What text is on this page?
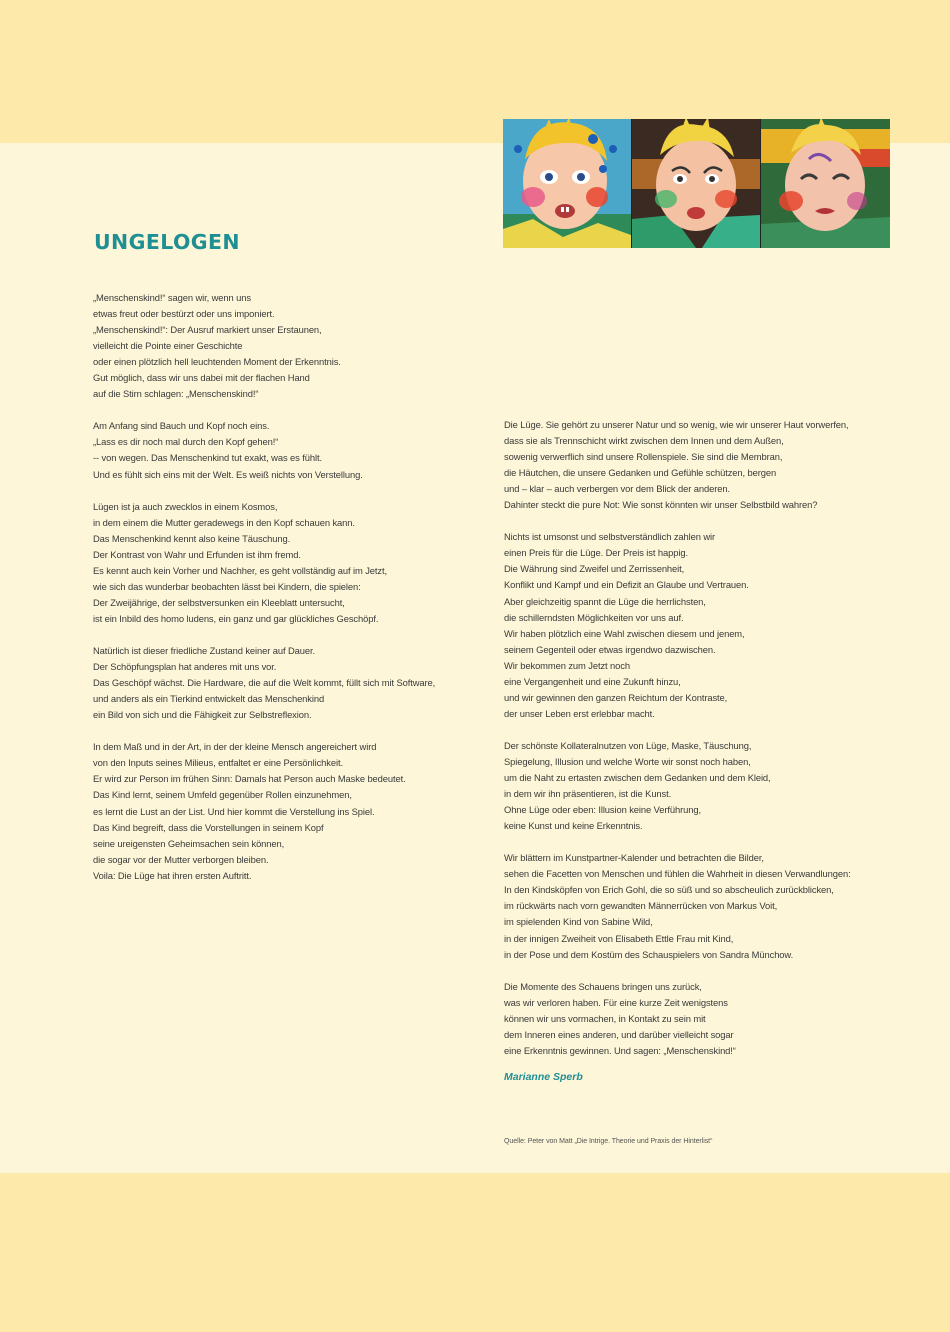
UNGELOGEN

„Menschenskind!“ sagen wir, wenn uns
etwas freut oder bestürzt oder uns imponiert.
„Menschenskind!“: Der Ausruf markiert unser Erstaunen,
vielleicht die Pointe einer Geschichte
oder einen plötzlich hell leuchtenden Moment der Erkenntnis.
Gut möglich, dass wir uns dabei mit der flachen Hand
auf die Stirn schlagen: „Menschenskind!“

Am Anfang sind Bauch und Kopf noch eins.
„Lass es dir noch mal durch den Kopf gehen!“
-- von wegen. Das Menschenkind tut exakt, was es fühlt.
Und es fühlt sich eins mit der Welt. Es weiß nichts von Verstellung.

Lügen ist ja auch zwecklos in einem Kosmos,
in dem einem die Mutter geradewegs in den Kopf schauen kann.
Das Menschenkind kennt also keine Täuschung.
Der Kontrast von Wahr und Erfunden ist ihm fremd.
Es kennt auch kein Vorher und Nachher, es geht vollständig auf im Jetzt,
wie sich das wunderbar beobachten lässt bei Kindern, die spielen:
Der Zweijährige, der selbstversunken ein Kleeblatt untersucht,
ist ein Inbild des homo ludens, ein ganz und gar glückliches Geschöpf.

Natürlich ist dieser friedliche Zustand keiner auf Dauer.
Der Schöpfungsplan hat anderes mit uns vor.
Das Geschöpf wächst. Die Hardware, die auf die Welt kommt, füllt sich mit Software,
und anders als ein Tierkind entwickelt das Menschenkind
ein Bild von sich und die Fähigkeit zur Selbstreflexion.

In dem Maß und in der Art, in der der kleine Mensch angereichert wird
von den Inputs seines Milieus, entfaltet er eine Persönlichkeit.
Er wird zur Person im frühen Sinn: Damals hat Person auch Maske bedeutet.
Das Kind lernt, seinem Umfeld gegenüber Rollen einzunehmen,
es lernt die Lust an der List. Und hier kommt die Verstellung ins Spiel.
Das Kind begreift, dass die Vorstellungen in seinem Kopf
seine ureigensten Geheimsachen sein können,
die sogar vor der Mutter verborgen bleiben.
Voila: Die Lüge hat ihren ersten Auftritt.

Die Lüge. Sie gehört zu unserer Natur und so wenig, wie wir unserer Haut vorwerfen,
dass sie als Trennschicht wirkt zwischen dem Innen und dem Außen,
sowenig verwerflich sind unsere Rollenspiele. Sie sind die Membran,
die Häutchen, die unsere Gedanken und Gefühle schützen, bergen
und – klar – auch verbergen vor dem Blick der anderen.
Dahinter steckt die pure Not: Wie sonst könnten wir unser Selbstbild wahren?

Nichts ist umsonst und selbstverständlich zahlen wir
einen Preis für die Lüge. Der Preis ist happig.
Die Währung sind Zweifel und Zerrissenheit,
Konflikt und Kampf und ein Defizit an Glaube und Vertrauen.
Aber gleichzeitig spannt die Lüge die herrlichsten,
die schillerndsten Möglichkeiten vor uns auf.
Wir haben plötzlich eine Wahl zwischen diesem und jenem,
seinem Gegenteil oder etwas irgendwo dazwischen.
Wir bekommen zum Jetzt noch
eine Vergangenheit und eine Zukunft hinzu,
und wir gewinnen den ganzen Reichtum der Kontraste,
der unser Leben erst erlebbar macht.

Der schönste Kollateralnutzen von Lüge, Maske, Täuschung,
Spiegelung, Illusion und welche Worte wir sonst noch haben,
um die Naht zu ertasten zwischen dem Gedanken und dem Kleid,
in dem wir ihn präsentieren, ist die Kunst.
Ohne Lüge oder eben: Illusion keine Verführung,
keine Kunst und keine Erkenntnis.

Wir blättern im Kunstpartner-Kalender und betrachten die Bilder,
sehen die Facetten von Menschen und fühlen die Wahrheit in diesen Verwandlungen:
In den Kindsköpfen von Erich Gohl, die so süß und so abscheulich zurückblicken,
im rückwärts nach vorn gewandten Männerrücken von Markus Voit,
im spielenden Kind von Sabine Wild,
in der innigen Zweiheit von Elisabeth Ettle Frau mit Kind,
in der Pose und dem Kostüm des Schauspielers von Sandra Münchow.

Die Momente des Schauens bringen uns zurück,
was wir verloren haben. Für eine kurze Zeit wenigstens
können wir uns vormachen, in Kontakt zu sein mit
dem Inneren eines anderen, und darüber vielleicht sogar
eine Erkenntnis gewinnen. Und sagen: „Menschenskind!“

Marianne Sperb

Quelle: Peter von Matt „Die Intrige. Theorie und Praxis der Hinterlist“
